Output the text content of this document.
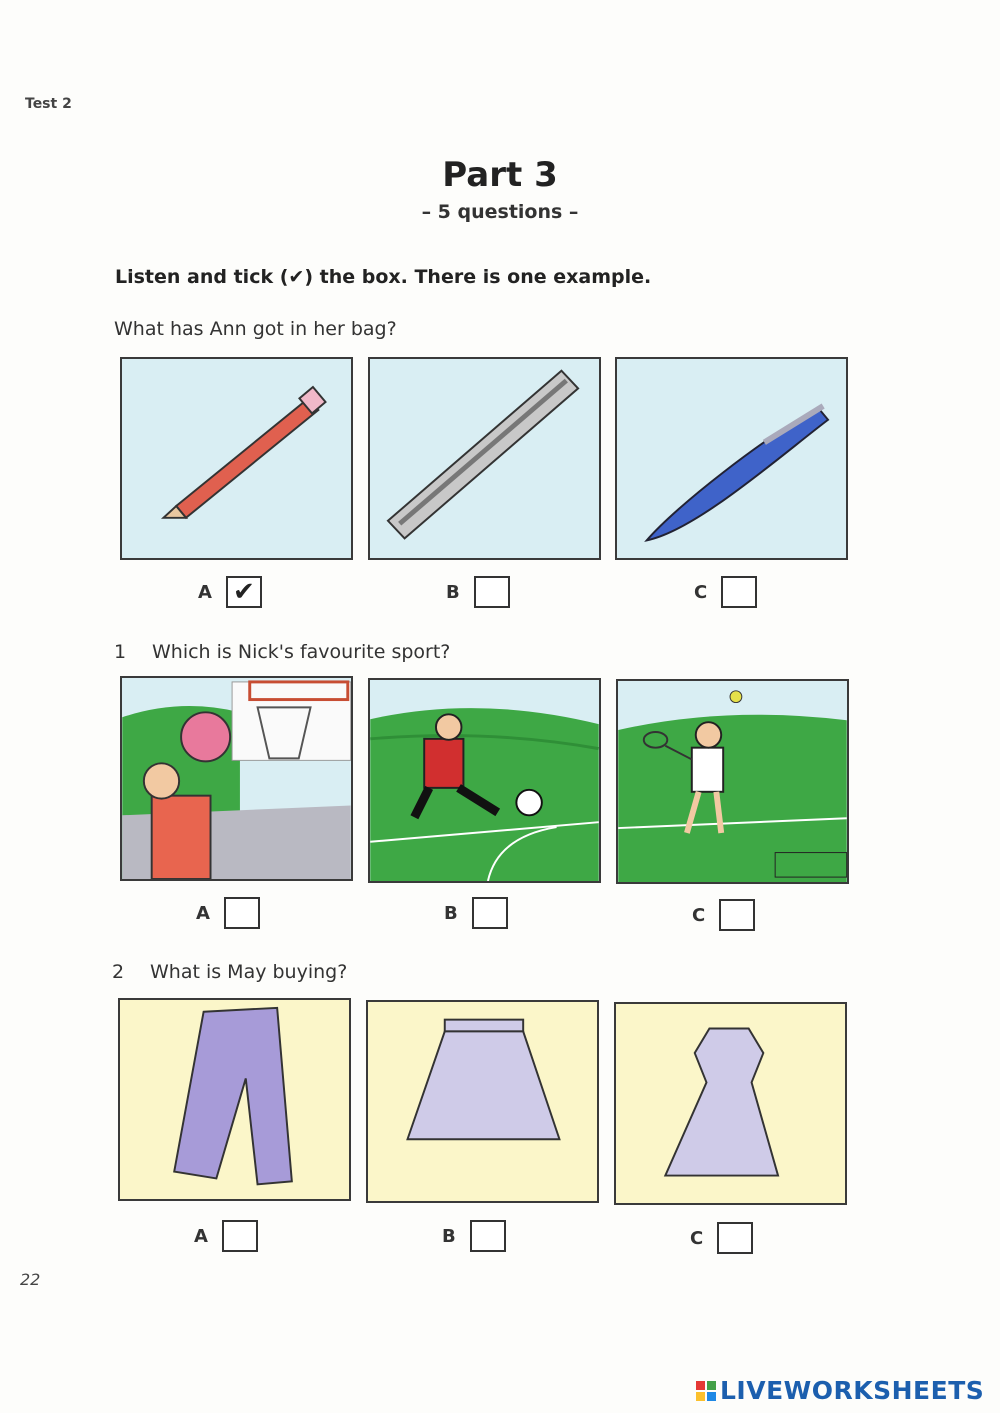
Test 2
Part 3
– 5 questions –
Listen and tick (✔) the box. There is one example.
What has Ann got in her bag?
A ✔	B	C
1 Which is Nick's favourite sport?
A	B	C
2 What is May buying?
A	B	C
22
LIVEWORKSHEETS
